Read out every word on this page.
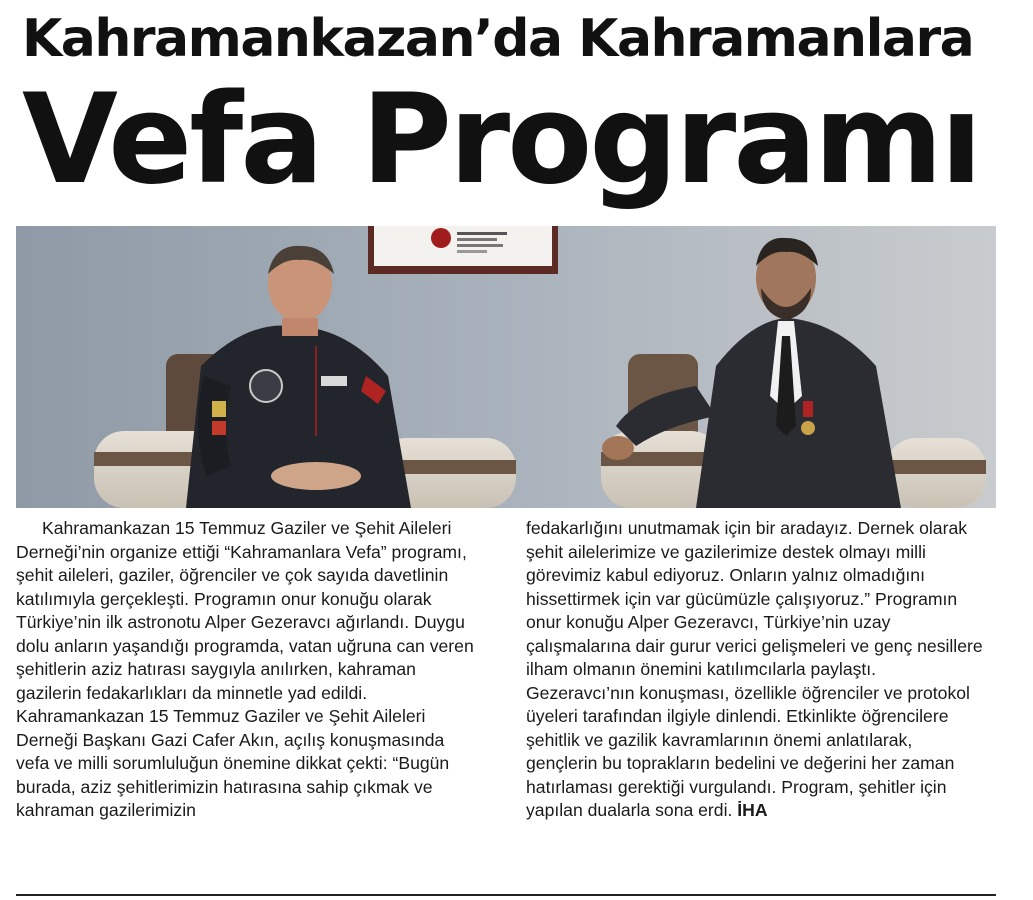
Kahramankazan’da Kahramanlara
Vefa Programı
Kahramankazan 15 Temmuz Gaziler ve Şehit Aileleri Derneği’nin organize ettiği “Kahramanlara Vefa” programı, şehit aileleri, gaziler, öğrenciler ve çok sayıda davetlinin katılımıyla gerçekleşti. Programın onur konuğu olarak Türkiye’nin ilk astronotu Alper Gezeravcı ağırlandı. Duygu dolu anların yaşandığı programda, vatan uğruna can veren şehitlerin aziz hatırası saygıyla anılırken, kahraman gazilerin fedakarlıkları da minnetle yad edildi. Kahramankazan 15 Temmuz Gaziler ve Şehit Aileleri Derneği Başkanı Gazi Cafer Akın, açılış konuşmasında vefa ve milli sorumluluğun önemine dikkat çekti: “Bugün burada, aziz şehitlerimizin hatırasına sahip çıkmak ve kahraman gazilerimizin
fedakarlığını unutmamak için bir aradayız. Dernek olarak şehit ailelerimize ve gazilerimize destek olmayı milli görevimiz kabul ediyoruz. Onların yalnız olmadığını hissettirmek için var gücümüzle çalışıyoruz.” Programın onur konuğu Alper Gezeravcı, Türkiye’nin uzay çalışmalarına dair gurur verici gelişmeleri ve genç nesillere ilham olmanın önemini katılımcılarla paylaştı. Gezeravcı’nın konuşması, özellikle öğrenciler ve protokol üyeleri tarafından ilgiyle dinlendi. Etkinlikte öğrencilere şehitlik ve gazilik kavramlarının önemi anlatılarak, gençlerin bu toprakların bedelini ve değerini her zaman hatırlaması gerektiği vurgulandı. Program, şehitler için yapılan dualarla sona erdi. İHA
